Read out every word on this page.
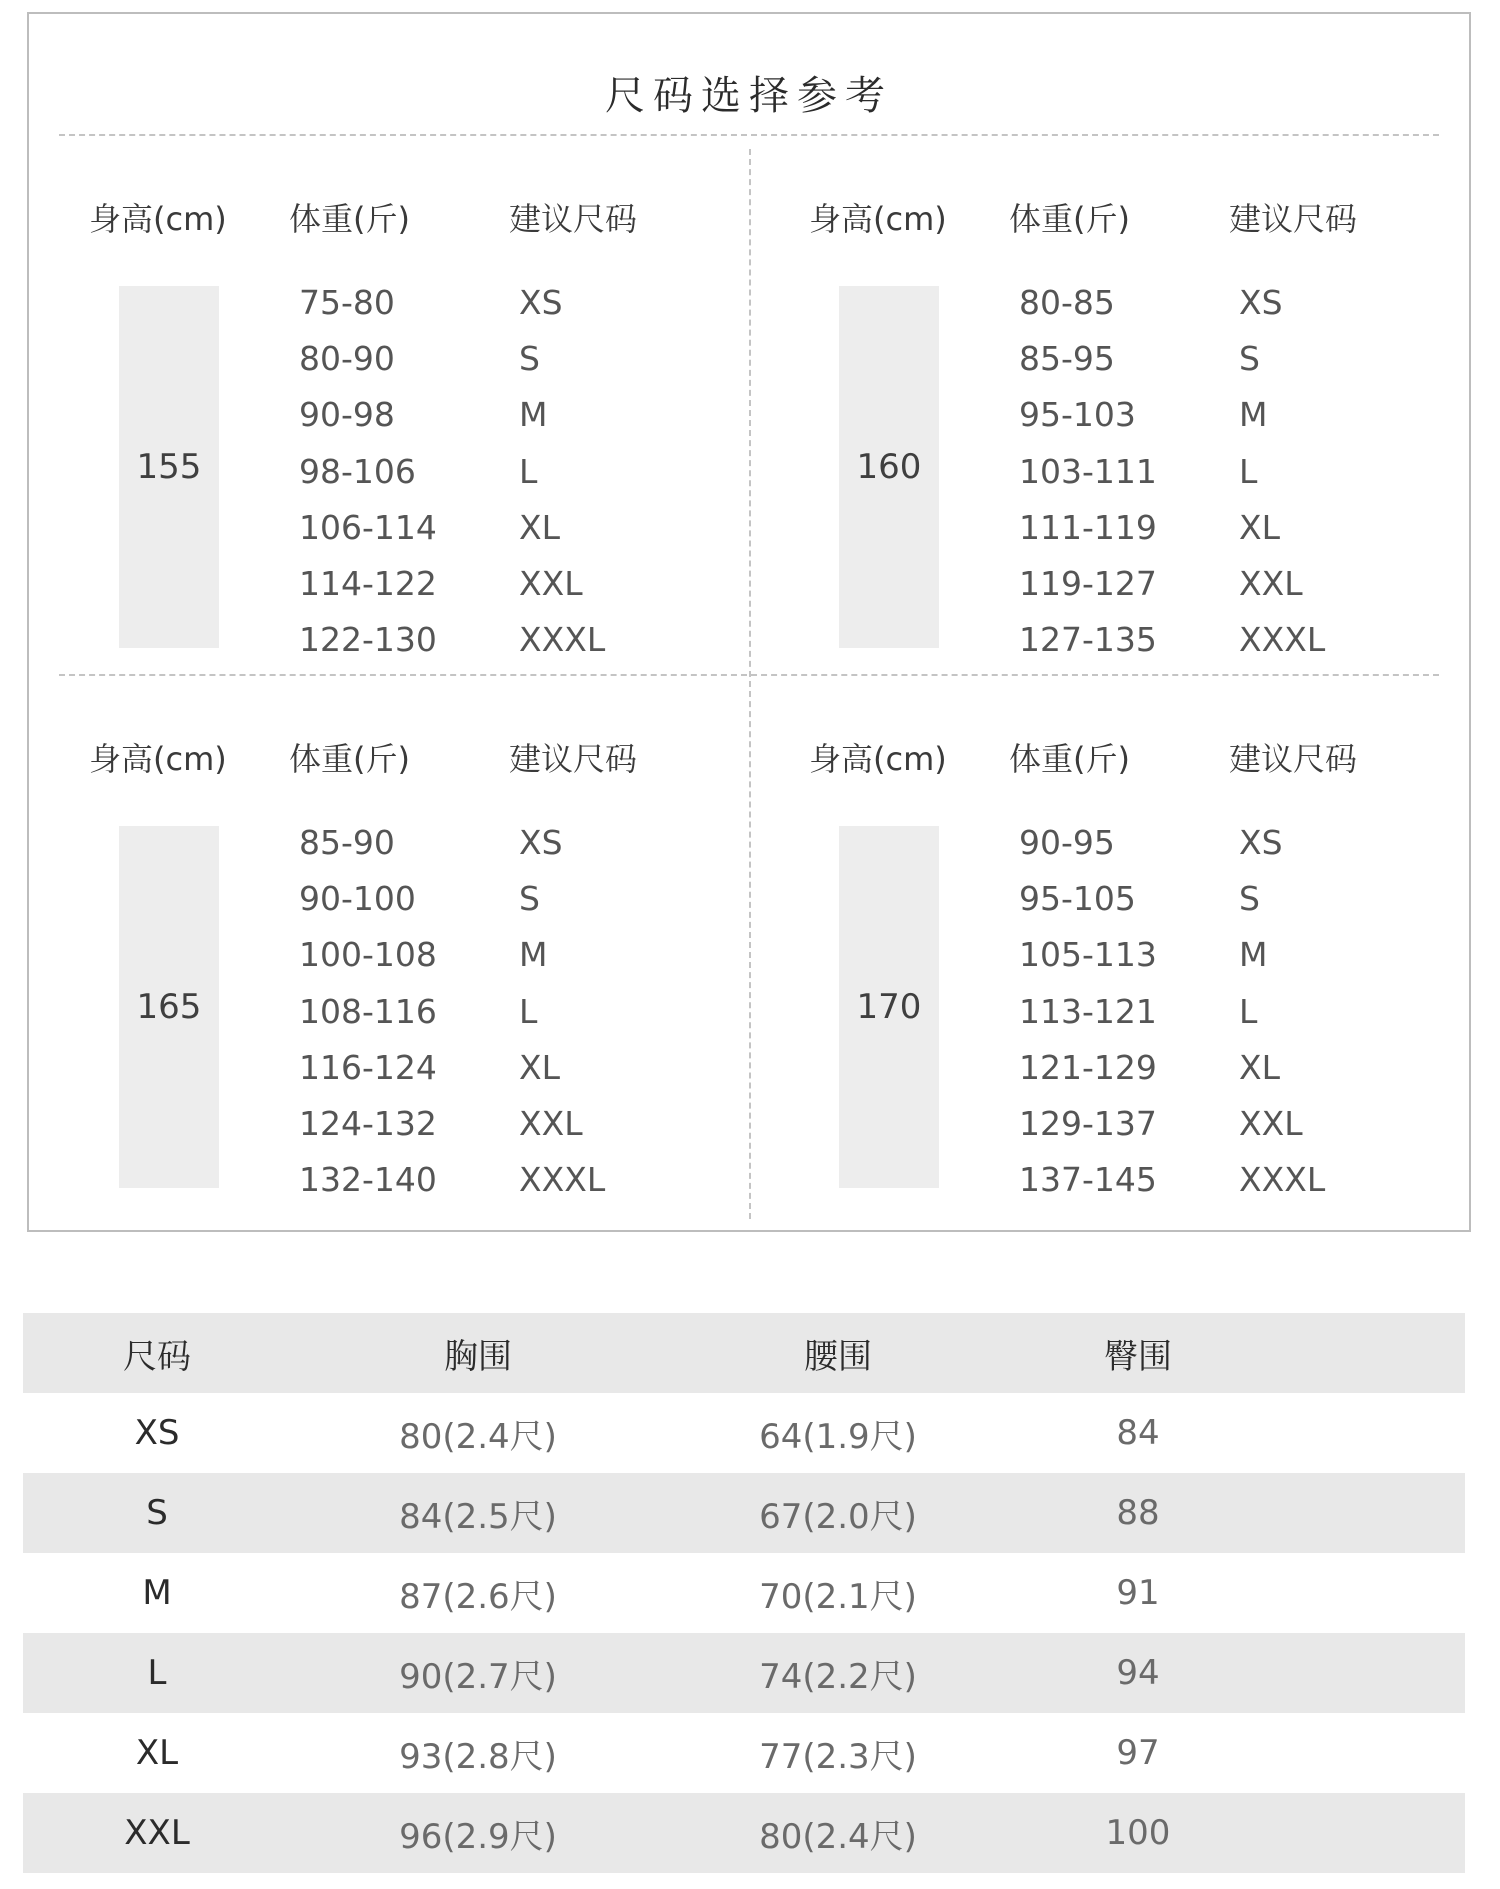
尺码选择参考
身高(cm) 体重(斤)	建议尺码
155
75-80	XS
80-90	S
90-98	M
98-106	L
106-114	XL
114-122	XXL
122-130	XXXL
身高(cm) 体重(斤)	建议尺码
160
80-85	XS
85-95	S
95-103	M
103-111	L
111-119	XL
119-127	XXL
127-135	XXXL
身高(cm) 体重(斤)	建议尺码
165
85-90	XS
90-100	S
100-108	M
108-116	L
116-124	XL
124-132	XXL
132-140	XXXL
身高(cm) 体重(斤)	建议尺码
170
90-95	XS
95-105	S
105-113	M
113-121	L
121-129	XL
129-137	XXL
137-145	XXXL
尺码	胸围	腰围	臀围
XS	80(2.4尺)	64(1.9尺)	84
S	84(2.5尺)	67(2.0尺)	88
M	87(2.6尺)	70(2.1尺)	91
L	90(2.7尺)	74(2.2尺)	94
XL	93(2.8尺)	77(2.3尺)	97
XXL	96(2.9尺)	80(2.4尺)	100
